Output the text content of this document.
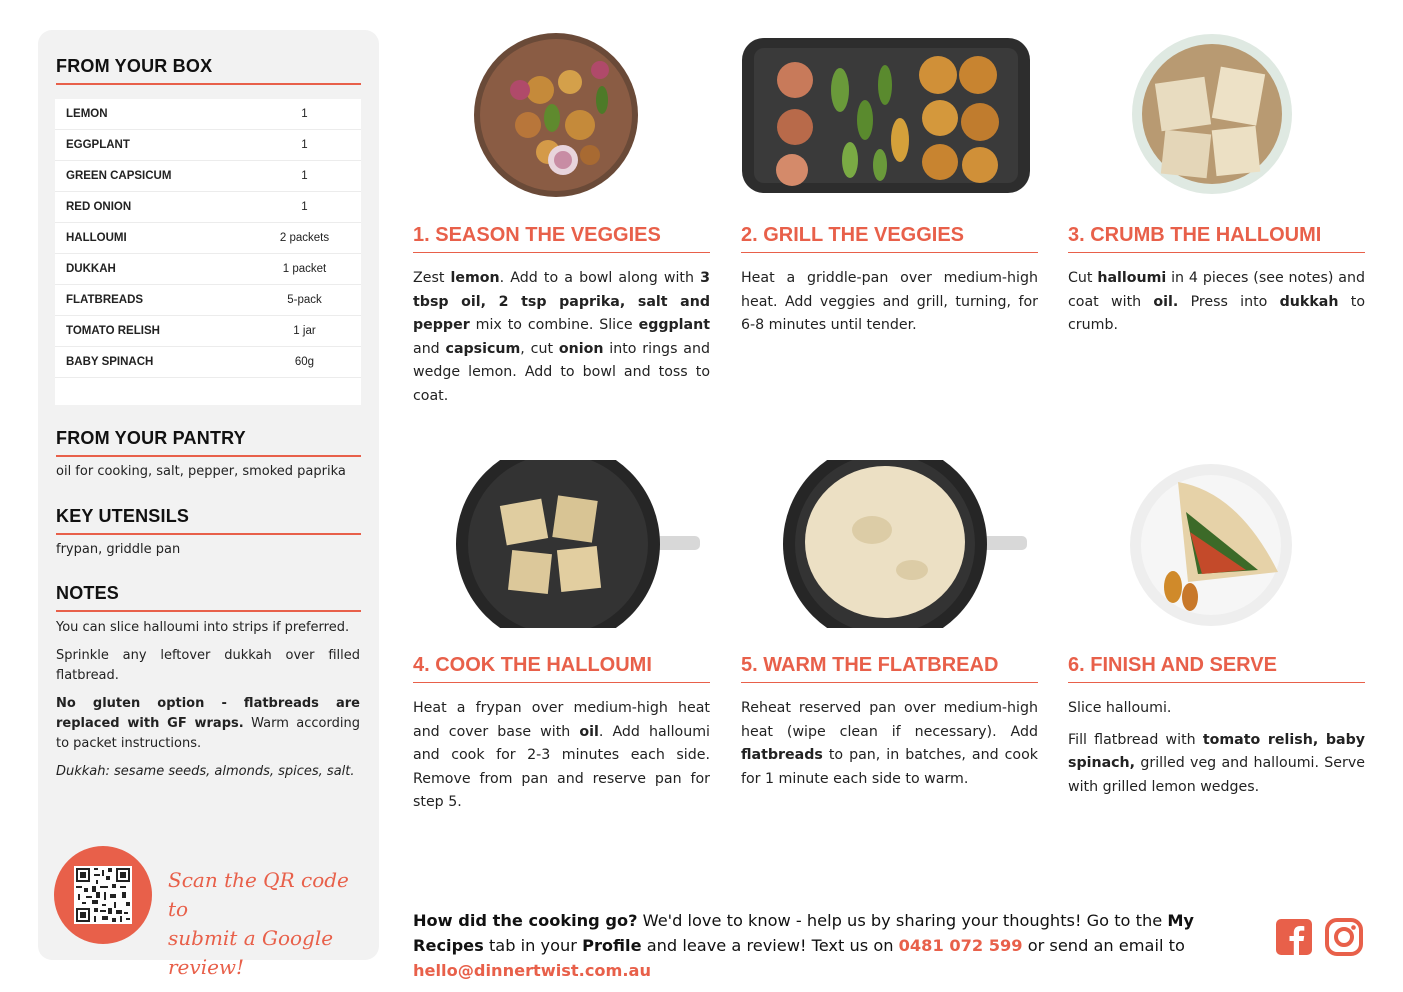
FROM YOUR BOX
LEMON	1
EGGPLANT	1
GREEN CAPSICUM	1
RED ONION	1
HALLOUMI	2 packets
DUKKAH	1 packet
FLATBREADS	5-pack
TOMATO RELISH	1 jar
BABY SPINACH	60g
FROM YOUR PANTRY
oil for cooking, salt, pepper, smoked paprika
KEY UTENSILS
frypan, griddle pan
NOTES

You can slice halloumi into strips if preferred.

Sprinkle any leftover dukkah over filled flatbread.

No gluten option - flatbreads are replaced with GF wraps. Warm according to packet instructions.

Dukkah: sesame seeds, almonds, spices, salt.

Scan the QR code to
submit a Google review!
1. SEASON THE VEGGIES
Zest lemon. Add to a bowl along with 3 tbsp oil, 2 tsp paprika, salt and pepper mix to combine. Slice eggplant and capsicum, cut onion into rings and wedge lemon. Add to bowl and toss to coat.
2. GRILL THE VEGGIES
Heat a griddle-pan over medium-high heat. Add veggies and grill, turning, for 6-8 minutes until tender.
3. CRUMB THE HALLOUMI
Cut halloumi in 4 pieces (see notes) and coat with oil. Press into dukkah to crumb.
4. COOK THE HALLOUMI
Heat a frypan over medium-high heat and cover base with oil. Add halloumi and cook for 2-3 minutes each side. Remove from pan and reserve pan for step 5.
5. WARM THE FLATBREAD
Reheat reserved pan over medium-high heat (wipe clean if necessary). Add flatbreads to pan, in batches, and cook for 1 minute each side to warm.
6. FINISH AND SERVE

Slice halloumi.

Fill flatbread with tomato relish, baby spinach, grilled veg and halloumi. Serve with grilled lemon wedges.

How did the cooking go? We'd love to know - help us by sharing your thoughts! Go to the My Recipes tab in your Profile and leave a review! Text us on 0481 072 599 or send an email to hello@dinnertwist.com.au
